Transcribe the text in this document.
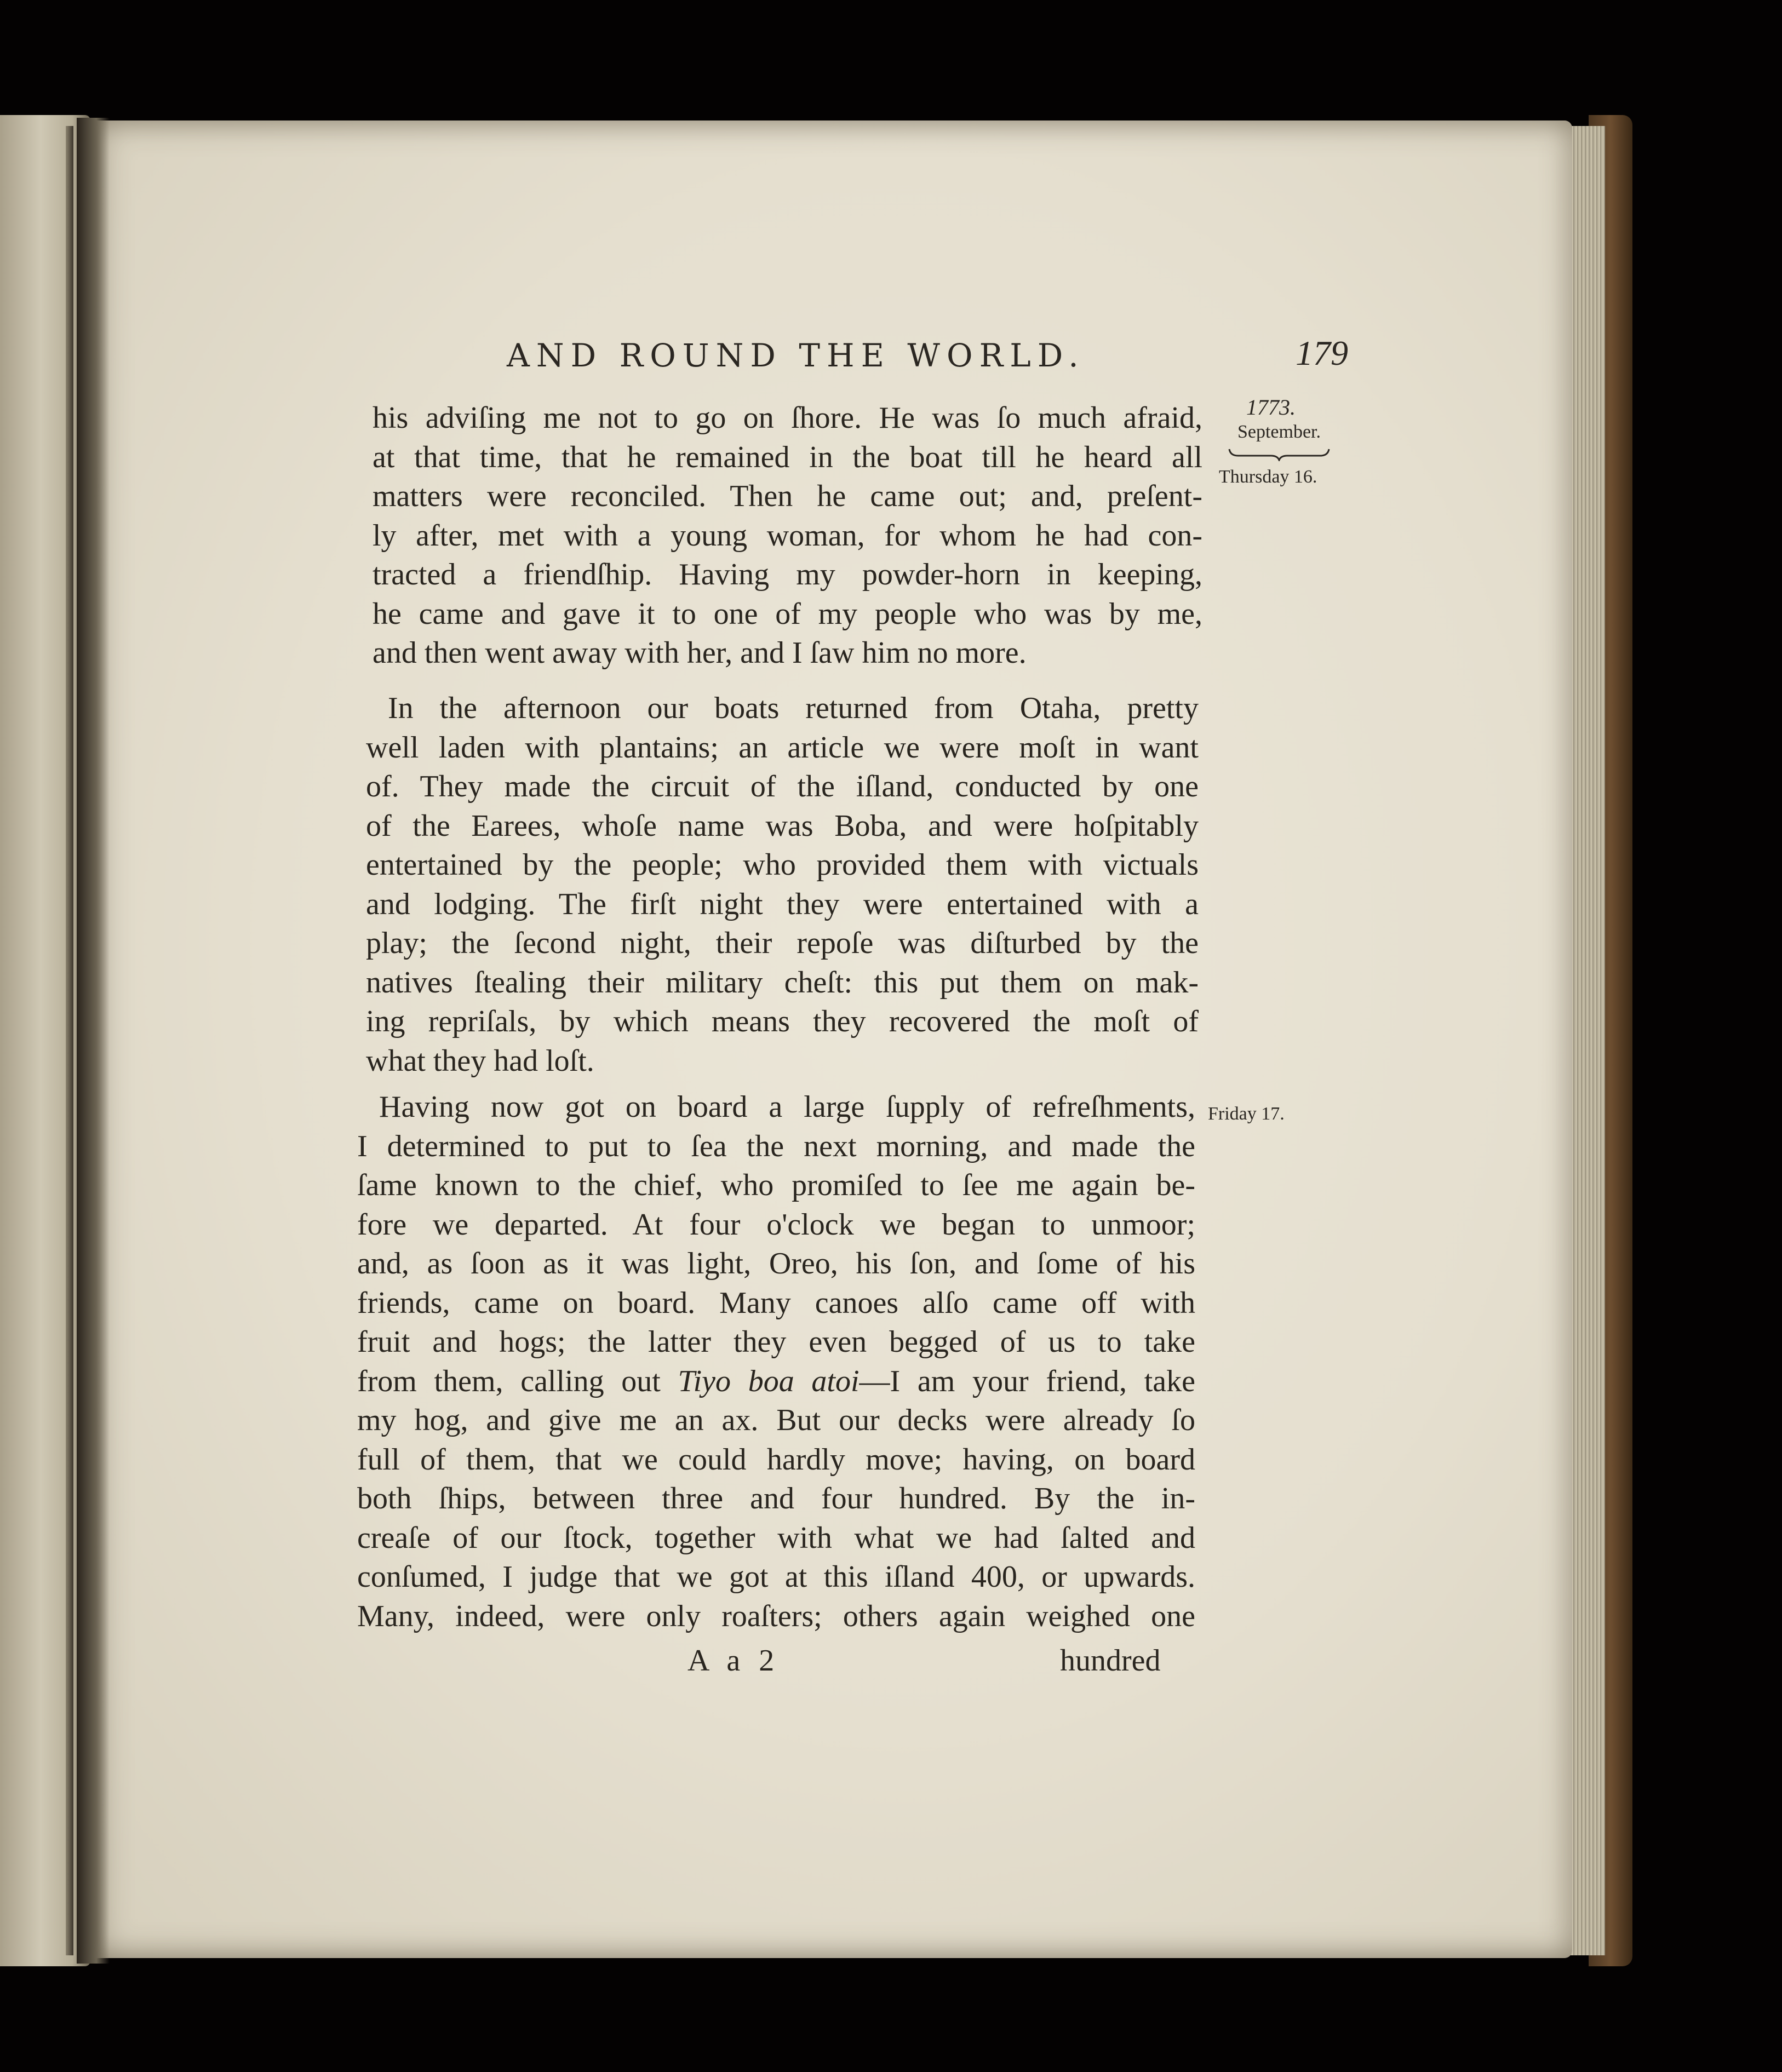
AND ROUND THE WORLD.	179
1773.
September.
Thursday 16.
Friday 17.
his adviſing me not to go on ſhore. He was ſo much afraid,
at that time, that he remained in the boat till he heard all
matters were reconciled. Then he came out; and, preſent-
ly after, met with a young woman, for whom he had con-
tracted a friendſhip. Having my powder-horn in keeping,
he came and gave it to one of my people who was by me,
and then went away with her, and I ſaw him no more.
In the afternoon our boats returned from Otaha, pretty
well laden with plantains; an article we were moſt in want
of. They made the circuit of the iſland, conducted by one
of the Earees, whoſe name was Boba, and were hoſpitably
entertained by the people; who provided them with victuals
and lodging. The firſt night they were entertained with a
play; the ſecond night, their repoſe was diſturbed by the
natives ſtealing their military cheſt: this put them on mak-
ing repriſals, by which means they recovered the moſt of
what they had loſt.
Having now got on board a large ſupply of refreſhments,
I determined to put to ſea the next morning, and made the
ſame known to the chief, who promiſed to ſee me again be-
fore we departed. At four o'clock we began to unmoor;
and, as ſoon as it was light, Oreo, his ſon, and ſome of his
friends, came on board. Many canoes alſo came off with
fruit and hogs; the latter they even begged of us to take
from them, calling out Tiyo boa atoi—I am your friend, take
my hog, and give me an ax. But our decks were already ſo
full of them, that we could hardly move; having, on board
both ſhips, between three and four hundred. By the in-
creaſe of our ſtock, together with what we had ſalted and
conſumed, I judge that we got at this iſland 400, or upwards.
Many, indeed, were only roaſters; others again weighed one
A a 2	hundred
